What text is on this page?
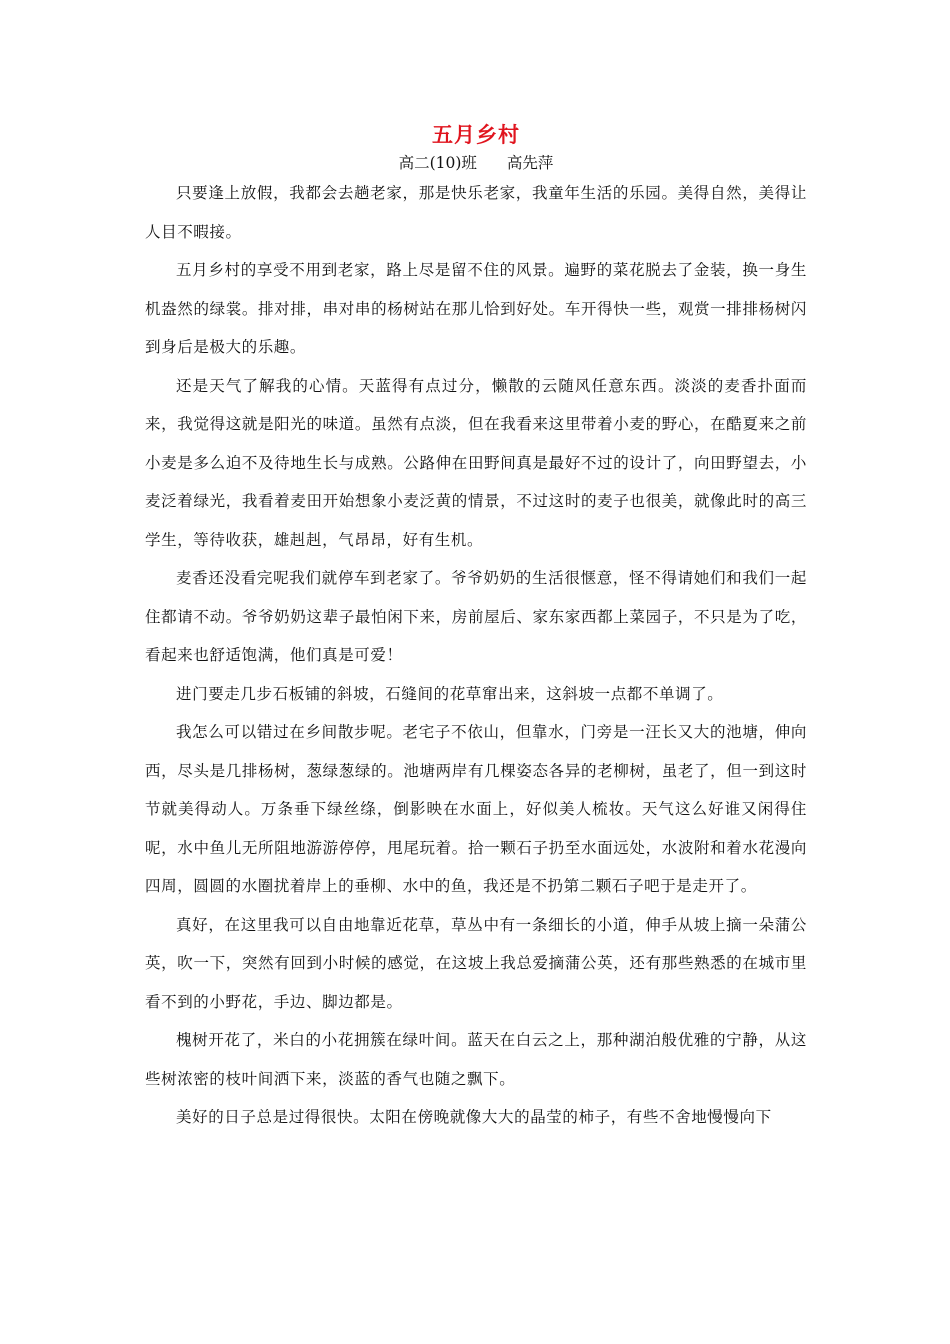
五月乡村
高二(10)班 高先萍

只要逢上放假，我都会去趟老家，那是快乐老家，我童年生活的乐园。美得自然，美得让人目不暇接。

五月乡村的享受不用到老家，路上尽是留不住的风景。遍野的菜花脱去了金装，换一身生机盎然的绿裳。排对排，串对串的杨树站在那儿恰到好处。车开得快一些，观赏一排排杨树闪到身后是极大的乐趣。

还是天气了解我的心情。天蓝得有点过分，懒散的云随风任意东西。淡淡的麦香扑面而来，我觉得这就是阳光的味道。虽然有点淡，但在我看来这里带着小麦的野心，在酷夏来之前小麦是多么迫不及待地生长与成熟。公路伸在田野间真是最好不过的设计了，向田野望去，小麦泛着绿光，我看着麦田开始想象小麦泛黄的情景，不过这时的麦子也很美，就像此时的高三学生，等待收获，雄赳赳，气昂昂，好有生机。

麦香还没看完呢我们就停车到老家了。爷爷奶奶的生活很惬意，怪不得请她们和我们一起住都请不动。爷爷奶奶这辈子最怕闲下来，房前屋后、家东家西都上菜园子，不只是为了吃，看起来也舒适饱满，他们真是可爱！

进门要走几步石板铺的斜坡，石缝间的花草窜出来，这斜坡一点都不单调了。

我怎么可以错过在乡间散步呢。老宅子不依山，但靠水，门旁是一汪长又大的池塘，伸向西，尽头是几排杨树，葱绿葱绿的。池塘两岸有几棵姿态各异的老柳树，虽老了，但一到这时节就美得动人。万条垂下绿丝绦，倒影映在水面上，好似美人梳妆。天气这么好谁又闲得住呢，水中鱼儿无所阻地游游停停，甩尾玩着。拾一颗石子扔至水面远处，水波附和着水花漫向四周，圆圆的水圈扰着岸上的垂柳、水中的鱼，我还是不扔第二颗石子吧于是走开了。

真好，在这里我可以自由地靠近花草，草丛中有一条细长的小道，伸手从坡上摘一朵蒲公英，吹一下，突然有回到小时候的感觉，在这坡上我总爱摘蒲公英，还有那些熟悉的在城市里看不到的小野花，手边、脚边都是。

槐树开花了，米白的小花拥簇在绿叶间。蓝天在白云之上，那种湖泊般优雅的宁静，从这些树浓密的枝叶间洒下来，淡蓝的香气也随之飘下。

美好的日子总是过得很快。太阳在傍晚就像大大的晶莹的柿子，有些不舍地慢慢向下
